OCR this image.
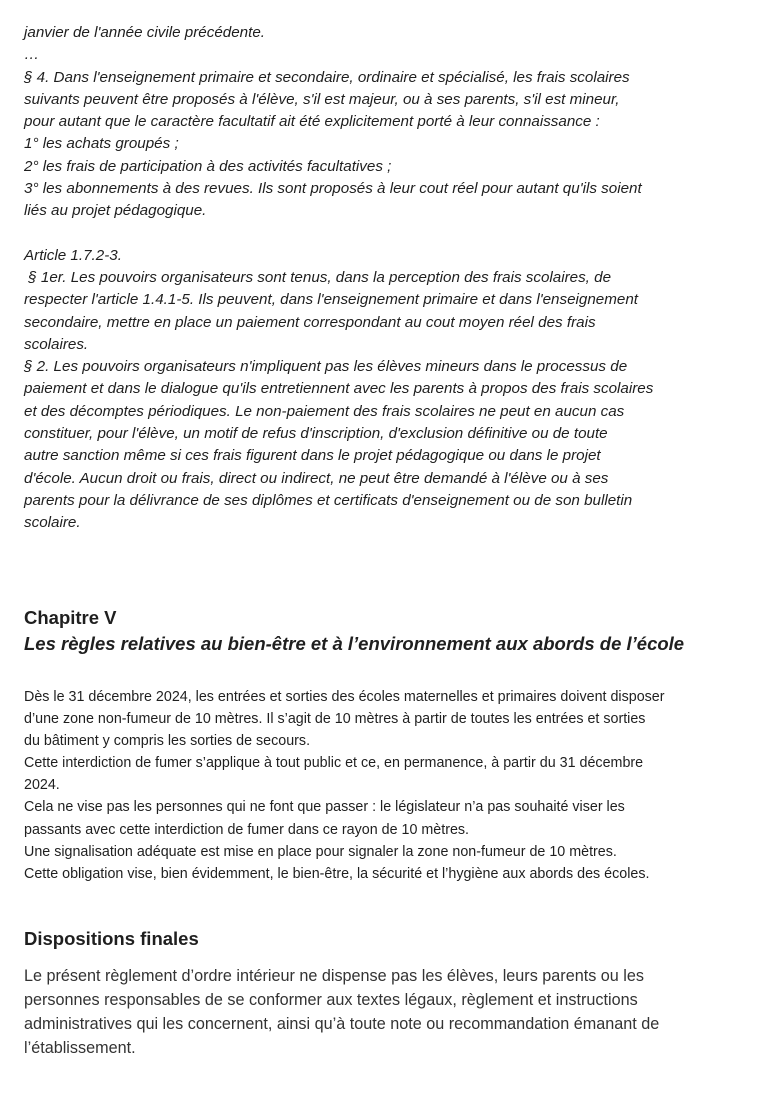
janvier de l'année civile précédente.

…

§ 4. Dans l'enseignement primaire et secondaire, ordinaire et spécialisé, les frais scolaires

suivants peuvent être proposés à l'élève, s'il est majeur, ou à ses parents, s'il est mineur,

pour autant que le caractère facultatif ait été explicitement porté à leur connaissance :

1° les achats groupés ;

2° les frais de participation à des activités facultatives ;

3° les abonnements à des revues. Ils sont proposés à leur cout réel pour autant qu'ils soient

liés au projet pédagogique.

Article 1.7.2-3.

§ 1er. Les pouvoirs organisateurs sont tenus, dans la perception des frais scolaires, de

respecter l'article 1.4.1-5. Ils peuvent, dans l'enseignement primaire et dans l'enseignement

secondaire, mettre en place un paiement correspondant au cout moyen réel des frais

scolaires.

§ 2. Les pouvoirs organisateurs n'impliquent pas les élèves mineurs dans le processus de

paiement et dans le dialogue qu'ils entretiennent avec les parents à propos des frais scolaires

et des décomptes périodiques. Le non-paiement des frais scolaires ne peut en aucun cas

constituer, pour l'élève, un motif de refus d'inscription, d'exclusion définitive ou de toute

autre sanction même si ces frais figurent dans le projet pédagogique ou dans le projet

d'école. Aucun droit ou frais, direct ou indirect, ne peut être demandé à l'élève ou à ses

parents pour la délivrance de ses diplômes et certificats d'enseignement ou de son bulletin

scolaire.

Chapitre V
Les règles relatives au bien-être et à l’environnement aux abords de l’école

Dès le 31 décembre 2024, les entrées et sorties des écoles maternelles et primaires doivent disposer

d’une zone non-fumeur de 10 mètres. Il s’agit de 10 mètres à partir de toutes les entrées et sorties

du bâtiment y compris les sorties de secours.

Cette interdiction de fumer s’applique à tout public et ce, en permanence, à partir du 31 décembre

2024.

Cela ne vise pas les personnes qui ne font que passer : le législateur n’a pas souhaité viser les

passants avec cette interdiction de fumer dans ce rayon de 10 mètres.

Une signalisation adéquate est mise en place pour signaler la zone non-fumeur de 10 mètres.

Cette obligation vise, bien évidemment, le bien-être, la sécurité et l’hygiène aux abords des écoles.

Dispositions finales

Le présent règlement d’ordre intérieur ne dispense pas les élèves, leurs parents ou les
personnes responsables de se conformer aux textes légaux, règlement et instructions
administratives qui les concernent, ainsi qu’à toute note ou recommandation émanant de
l’établissement.
